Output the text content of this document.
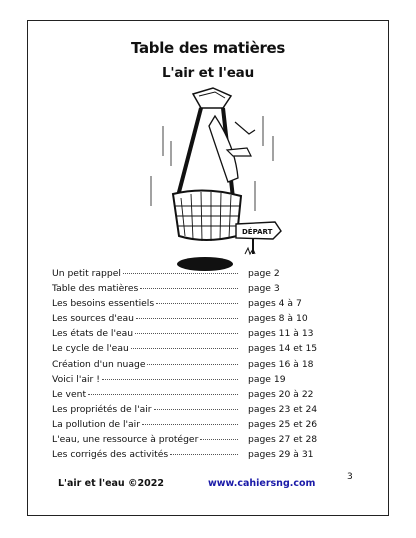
Table des matières
L'air et l'eau
DÉPART
Un petit rappel	page 2
Table des matières	page 3
Les besoins essentiels	pages 4 à 7
Les sources d'eau	pages 8 à 10
Les états de l'eau	pages 11 à 13
Le cycle de l'eau	pages 14 et 15
Création d'un nuage	pages 16 à 18
Voici l'air !	page 19
Le vent	pages 20 à 22
Les propriétés de l'air	pages 23 et 24
La pollution de l'air	pages 25 et 26
L'eau, une ressource à protéger	pages 27 et 28
Les corrigés des activités	pages 29 à 31
L'air et l'eau ©2022	www.cahiersng.com
3
